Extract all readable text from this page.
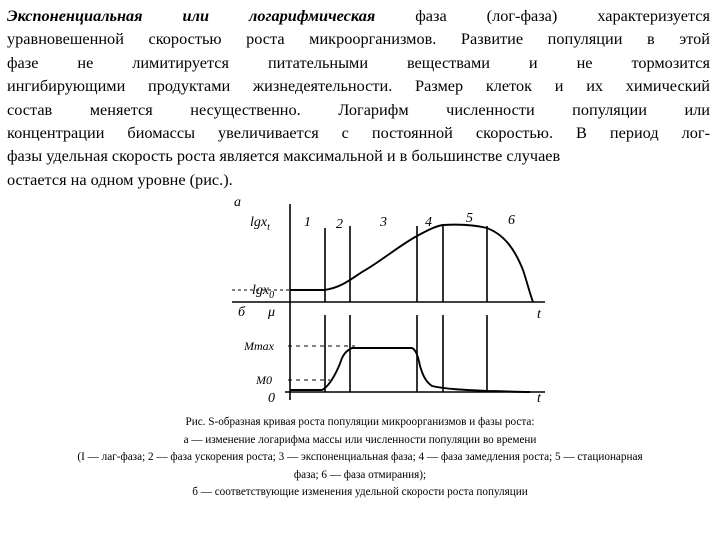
Экспоненциальная или логарифмическая фаза (лог-фаза) характеризуется
уравновешенной скоростью роста микроорганизмов. Развитие популяции в этой
фазе не лимитируется питательными веществами и не тормозится
ингибирующими продуктами жизнедеятельности. Размер клеток и их химический
состав меняется несущественно. Логарифм численности популяции или
концентрации биомассы увеличивается с постоянной скоростью. В период лог-
фазы удельная скорость роста является максимальной и в большинстве случаев
остается на одном уровне (рис.).
а
б
lgx$_t$
lgx$_0$
μ
Mmax
M0
0
t
t
1 2	3	4 5	6
Рис. S-образная кривая роста популяции микроорганизмов и фазы роста:
а — изменение логарифма массы или численности популяции во времени
(I — лаг-фаза; 2 — фаза ускорения роста; 3 — экспоненциальная фаза; 4 — фаза замедления роста; 5 — стационарная
фаза; 6 — фаза отмирания);
б — соответствующие изменения удельной скорости роста популяции
